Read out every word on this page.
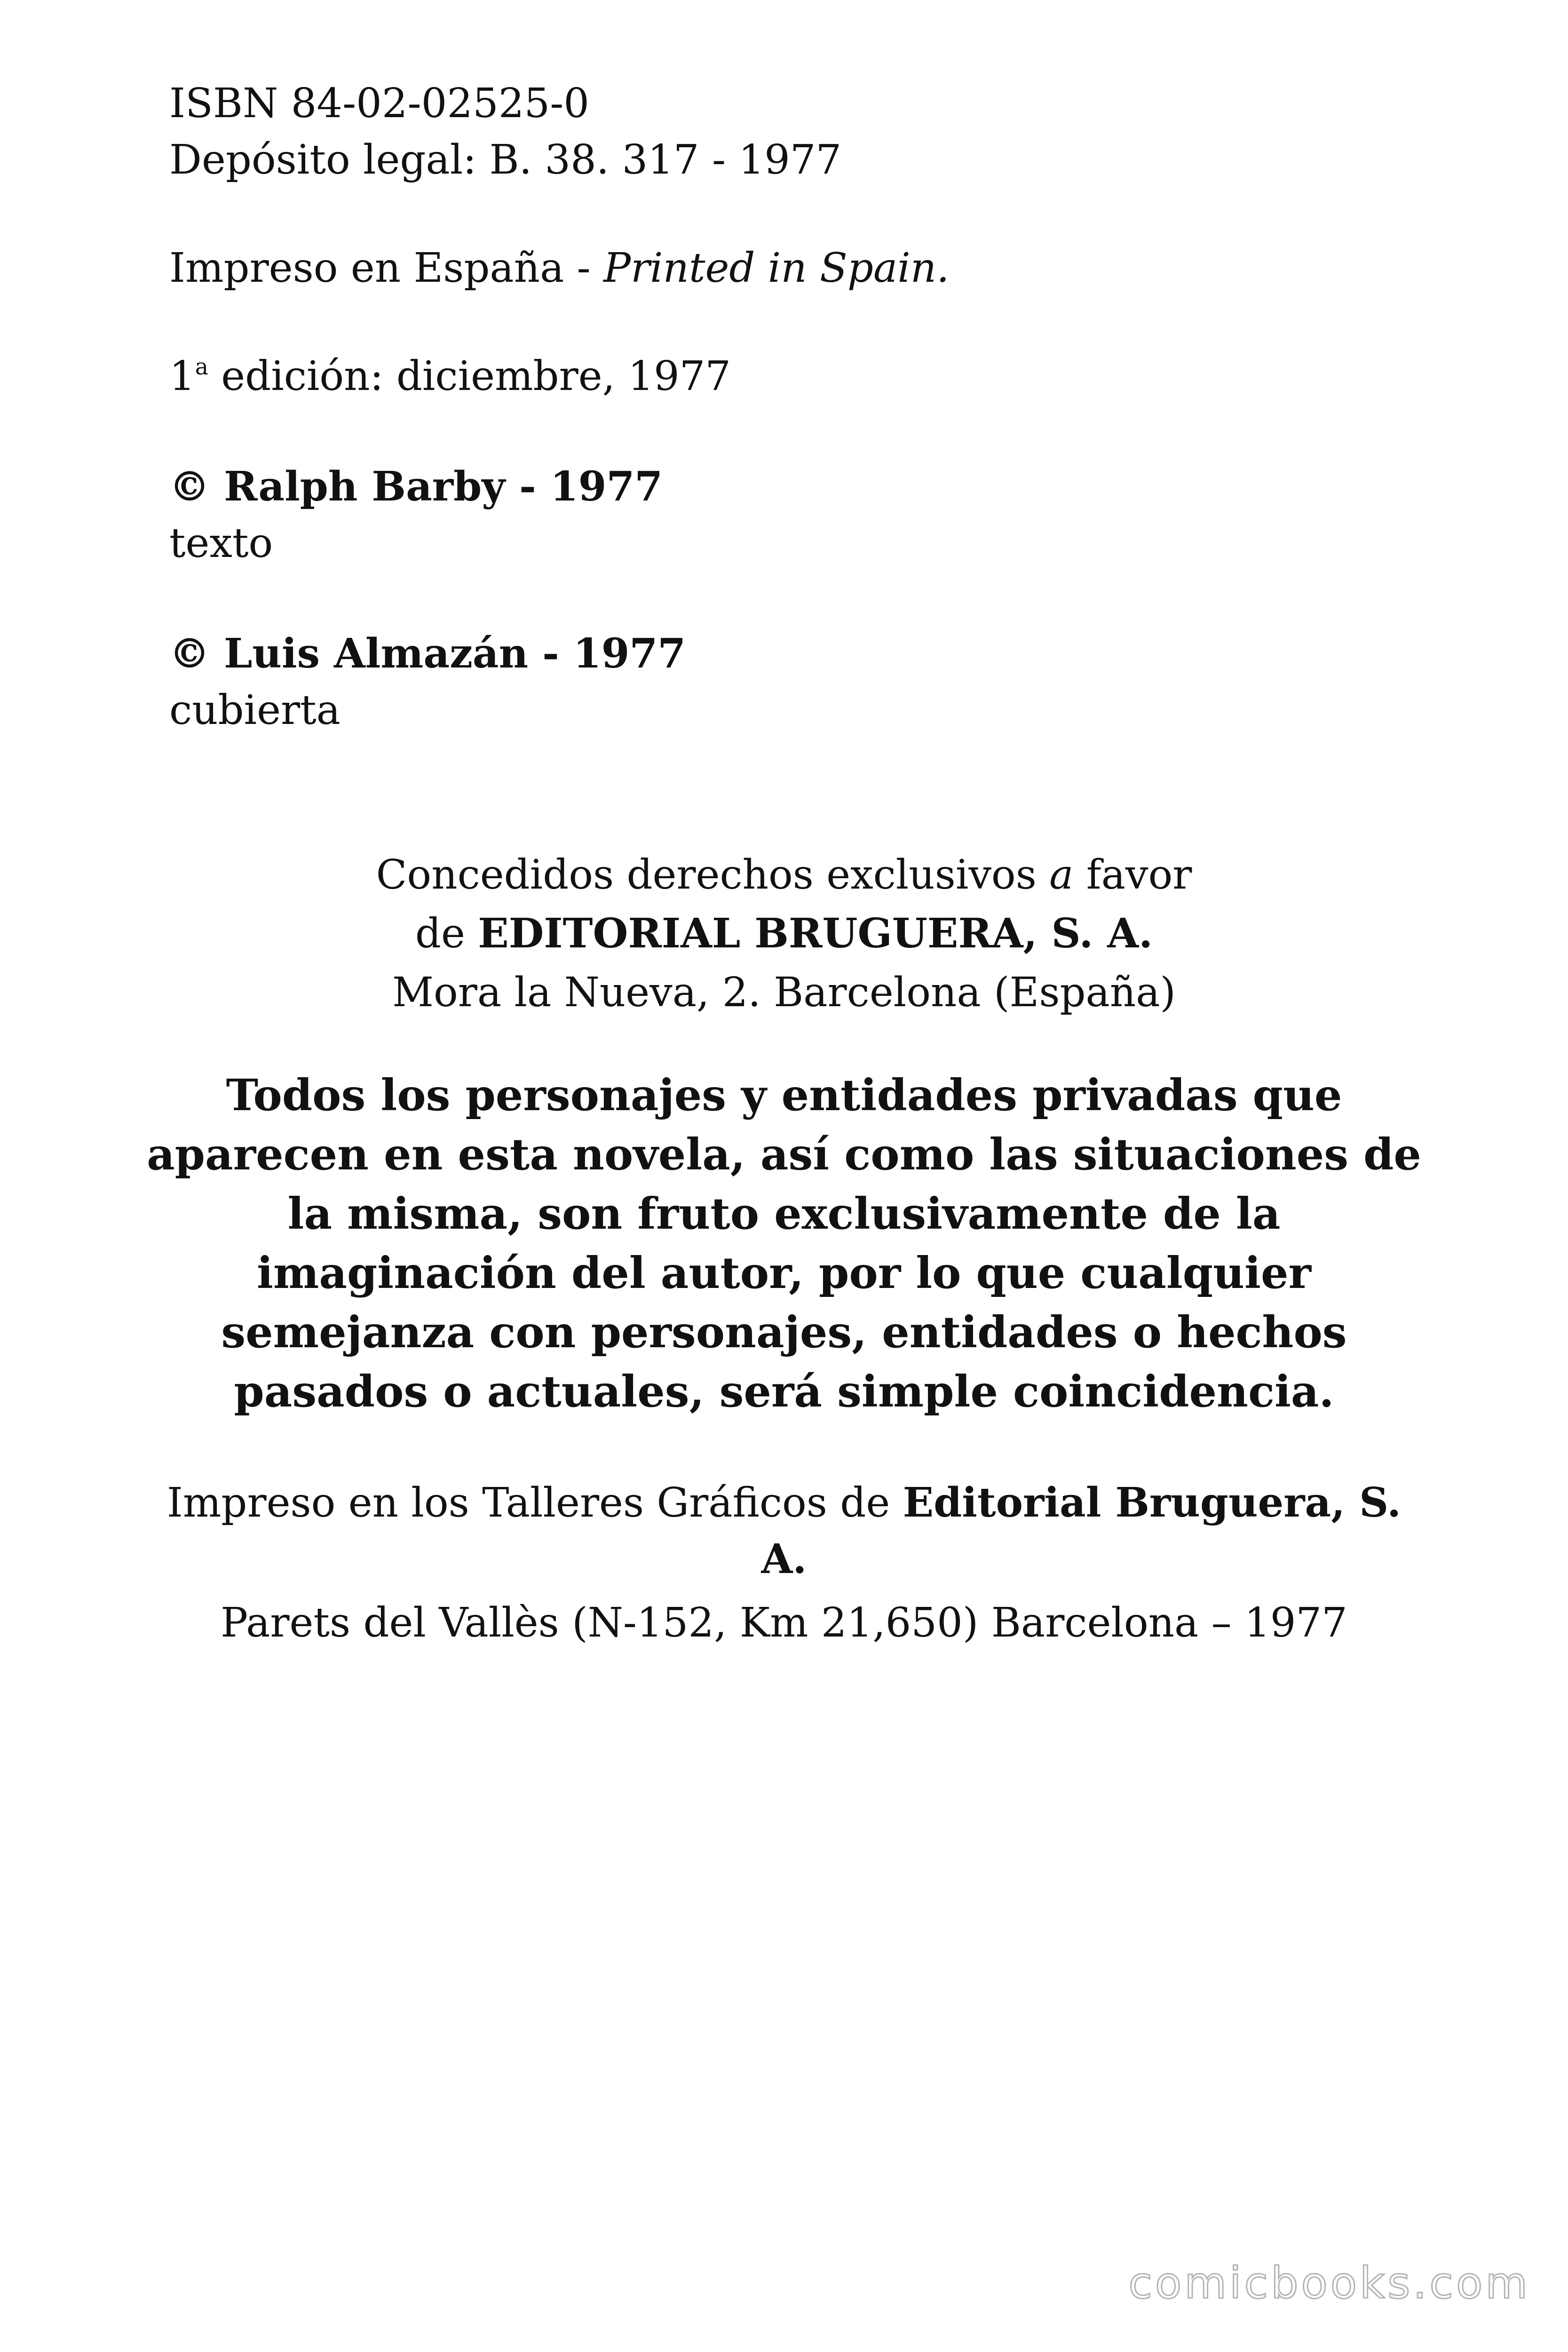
ISBN 84-02-02525-0
Depósito legal: B. 38. 317 - 1977
Impreso en España - Printed in Spain.
1$^a$ edición: diciembre, 1977
© Ralph Barby - 1977
texto
© Luis Almazán - 1977
cubierta
Concedidos derechos exclusivos a favor
de EDITORIAL BRUGUERA, S. A.
Mora la Nueva, 2. Barcelona (España)
Todos los personajes y entidades privadas que aparecen en esta novela, así como las situaciones de la misma, son fruto exclusivamente de la imaginación del autor, por lo que cualquier semejanza con personajes, entidades o hechos pasados o actuales, será simple coincidencia.
Impreso en los Talleres Gráficos de Editorial Bruguera, S.
A.
Parets del Vallès (N-152, Km 21,650) Barcelona – 1977
comicbooks.com
